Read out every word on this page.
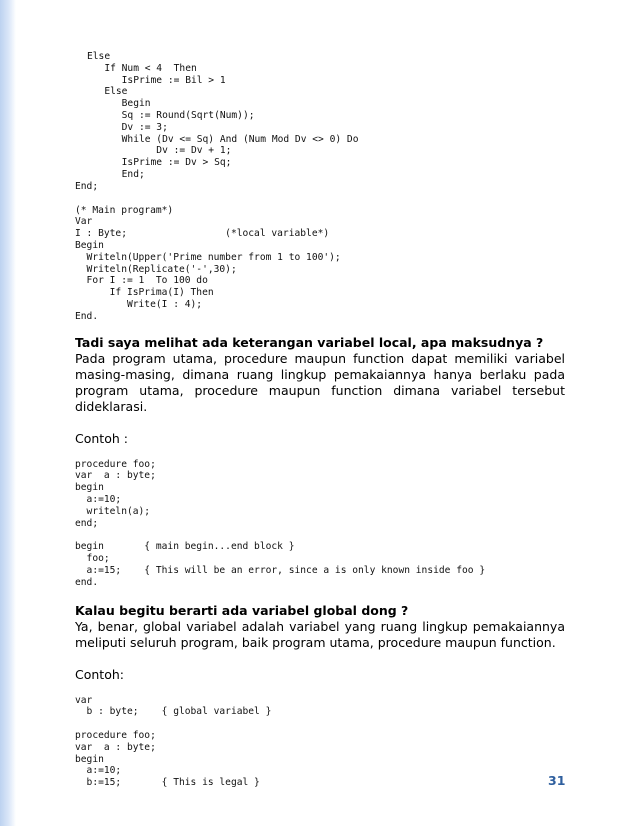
Else
If Num < 4  Then
IsPrime := Bil > 1
Else
Begin
Sq := Round(Sqrt(Num));
Dv := 3;
While (Dv <= Sq) And (Num Mod Dv <> 0) Do
Dv := Dv + 1;
IsPrime := Dv > Sq;
End;
End;
(* Main program*)
Var
I : Byte;                 (*local variable*)
Begin
Writeln(Upper('Prime number from 1 to 100');
Writeln(Replicate('-',30);
For I := 1  To 100 do
If IsPrima(I) Then
Write(I : 4);
End.

Tadi saya melihat ada keterangan variabel local, apa maksudnya ?

Pada program utama, procedure maupun function dapat memiliki variabel masing-masing, dimana ruang lingkup pemakaiannya hanya berlaku pada program utama, procedure maupun function dimana variabel tersebut dideklarasi.

Contoh :

procedure foo;
var  a : byte;
begin
a:=10;
writeln(a);
end;
begin       { main begin...end block }
foo;
a:=15;    { This will be an error, since a is only known inside foo }
end.

Kalau begitu berarti ada variabel global dong ?

Ya, benar, global variabel adalah variabel yang ruang lingkup pemakaiannya meliputi seluruh program, baik program utama, procedure maupun function.

Contoh:

var
b : byte;    { global variabel }
procedure foo;
var  a : byte;
begin
a:=10;
b:=15;       { This is legal }	31
